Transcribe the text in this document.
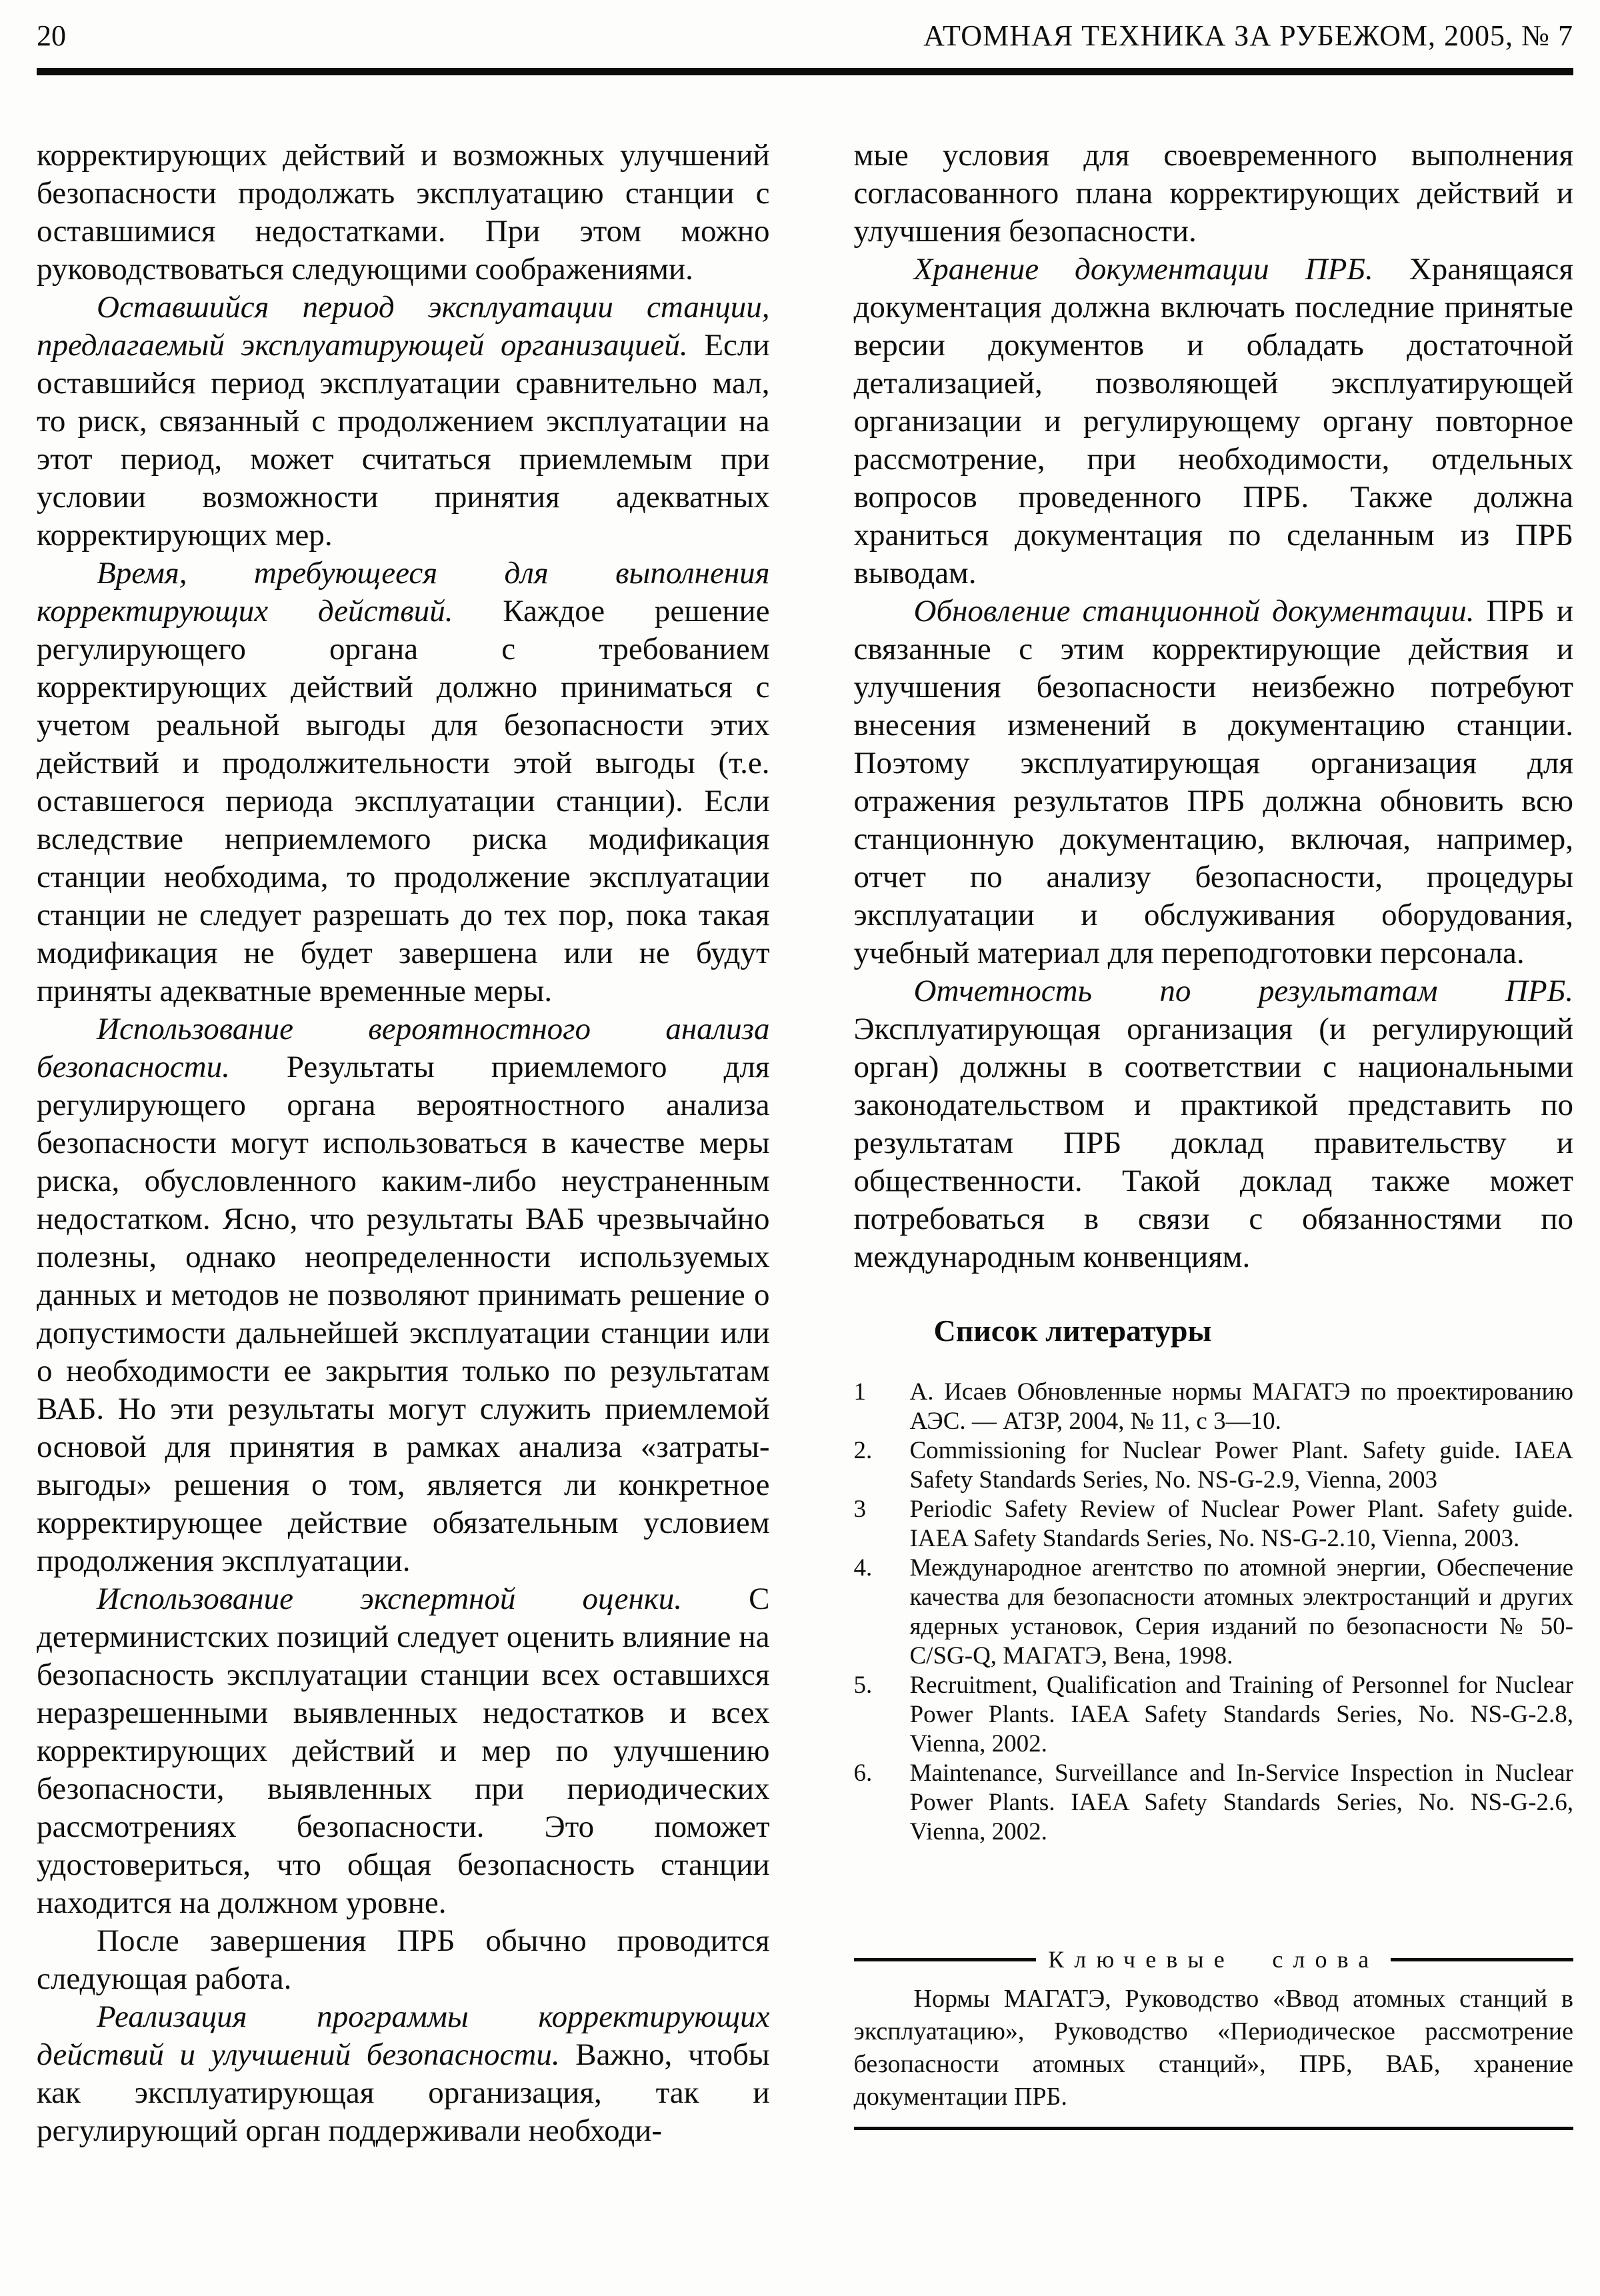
20	АТОМНАЯ ТЕХНИКА ЗА РУБЕЖОМ, 2005, № 7

корректирующих действий и возможных улучшений безопасности продолжать эксплуатацию станции с оставшимися недостатками. При этом можно руководствоваться следующими соображениями.

Оставшийся период эксплуатации станции, предлагаемый эксплуатирующей организацией. Если оставшийся период эксплуатации сравнительно мал, то риск, связанный с продолжением эксплуатации на этот период, может считаться приемлемым при условии возможности принятия адекватных корректирующих мер.

Время, требующееся для выполнения корректирующих действий. Каждое решение регулирующего органа с требованием корректирующих действий должно приниматься с учетом реальной выгоды для безопасности этих действий и продолжительности этой выгоды (т.е. оставшегося периода эксплуатации станции). Если вследствие неприемлемого риска модификация станции необходима, то продолжение эксплуатации станции не следует разрешать до тех пор, пока такая модификация не будет завершена или не будут приняты адекватные временные меры.

Использование вероятностного анализа безопасности. Результаты приемлемого для регулирующего органа вероятностного анализа безопасности могут использоваться в качестве меры риска, обусловленного каким-либо неустраненным недостатком. Ясно, что результаты ВАБ чрезвычайно полезны, однако неопределенности используемых данных и методов не позволяют принимать решение о допустимости дальнейшей эксплуатации станции или о необходимости ее закрытия только по результатам ВАБ. Но эти результаты могут служить приемлемой основой для принятия в рамках анализа «затраты-выгоды» решения о том, является ли конкретное корректирующее действие обязательным условием продолжения эксплуатации.

Использование экспертной оценки. С детерминистских позиций следует оценить влияние на безопасность эксплуатации станции всех оставшихся неразрешенными выявленных недостатков и всех корректирующих действий и мер по улучшению безопасности, выявленных при периодических рассмотрениях безопасности. Это поможет удостовериться, что общая безопасность станции находится на должном уровне.

После завершения ПРБ обычно проводится следующая работа.

Реализация программы корректирующих действий и улучшений безопасности. Важно, чтобы как эксплуатирующая организация, так и регулирующий орган поддерживали необходи-

мые условия для своевременного выполнения согласованного плана корректирующих действий и улучшения безопасности.

Хранение документации ПРБ. Хранящаяся документация должна включать последние принятые версии документов и обладать достаточной детализацией, позволяющей эксплуатирующей организации и регулирующему органу повторное рассмотрение, при необходимости, отдельных вопросов проведенного ПРБ. Также должна храниться документация по сделанным из ПРБ выводам.

Обновление станционной документации. ПРБ и связанные с этим корректирующие действия и улучшения безопасности неизбежно потребуют внесения изменений в документацию станции. Поэтому эксплуатирующая организация для отражения результатов ПРБ должна обновить всю станционную документацию, включая, например, отчет по анализу безопасности, процедуры эксплуатации и обслуживания оборудования, учебный материал для переподготовки персонала.

Отчетность по результатам ПРБ. Эксплуатирующая организация (и регулирующий орган) должны в соответствии с национальными законодательством и практикой представить по результатам ПРБ доклад правительству и общественности. Такой доклад также может потребоваться в связи с обязанностями по международным конвенциям.

Список литературы
1	А. Исаев Обновленные нормы МАГАТЭ по проектированию АЭС. — АТЗР, 2004, № 11, с 3—10.

2.	Commissioning for Nuclear Power Plant. Safety guide. IAEA Safety Standards Series, No. NS-G-2.9, Vienna, 2003

3	Periodic Safety Review of Nuclear Power Plant. Safety guide. IAEA Safety Standards Series, No. NS-G-2.10, Vienna, 2003.

4.	Международное агентство по атомной энергии, Обеспечение качества для безопасности атомных электростанций и других ядерных установок, Серия изданий по безопасности № 50-C/SG-Q, МАГАТЭ, Вена, 1998.

5.	Recruitment, Qualification and Training of Personnel for Nuclear Power Plants. IAEA Safety Standards Series, No. NS-G-2.8, Vienna, 2002.

6.	Maintenance, Surveillance and In-Service Inspection in Nuclear Power Plants. IAEA Safety Standards Series, No. NS-G-2.6, Vienna, 2002.

Ключевые слова

Нормы МАГАТЭ, Руководство «Ввод атомных станций в эксплуатацию», Руководство «Периодическое рассмотрение безопасности атомных станций», ПРБ, ВАБ, хранение документации ПРБ.
